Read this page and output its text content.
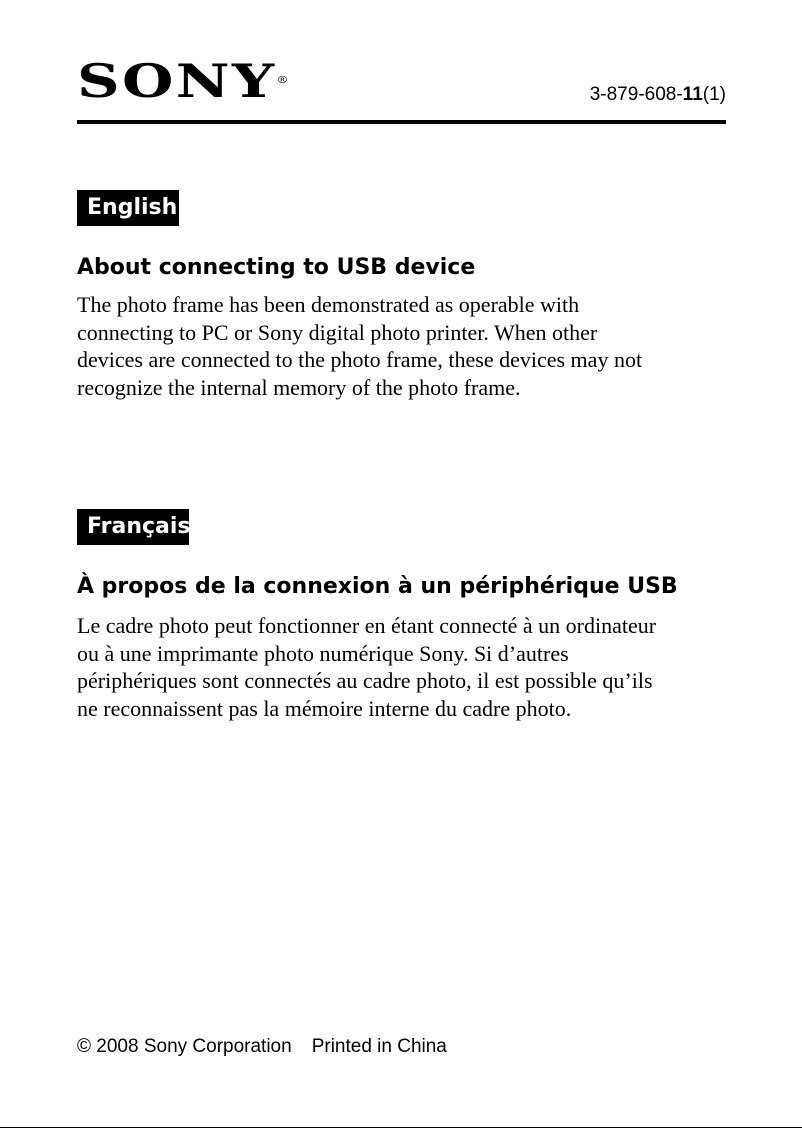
SONY®
3-879-608-11(1)
English
About connecting to USB device
The photo frame has been demonstrated as operable with
connecting to PC or Sony digital photo printer. When other
devices are connected to the photo frame, these devices may not
recognize the internal memory of the photo frame.
Français
À propos de la connexion à un périphérique USB
Le cadre photo peut fonctionner en étant connecté à un ordinateur
ou à une imprimante photo numérique Sony. Si d’autres
périphériques sont connectés au cadre photo, il est possible qu’ils
ne reconnaissent pas la mémoire interne du cadre photo.
© 2008 Sony Corporation Printed in China
